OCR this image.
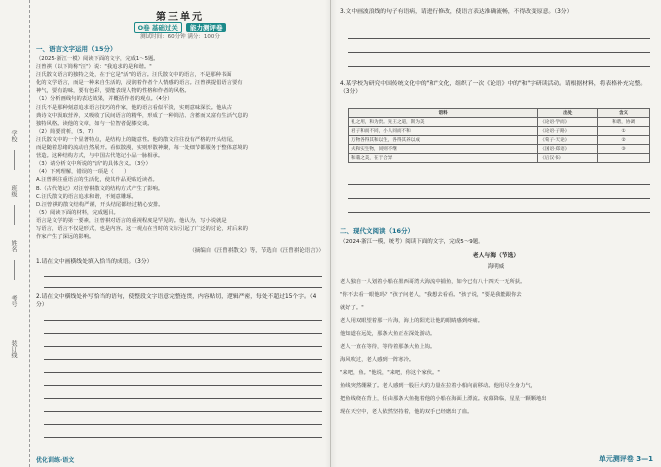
学校
班级
姓名
考号
装订线
第三单元
O卷 基础过关 能力测评卷
测试时间：60分钟 满分：100分
一、语言文字运用（15分）
（2025·浙江一模）阅读下面的文字，完成1～5题。
汪曾祺（以下简称"汪"）说："我追求的是和谐。"
汪氏散文语言的独特之处，在于它是"活"的语言。汪氏散文中的语言，不是那种书面
化的文学语言，而是一种来自生活的，浸润着作者个人情感的语言。汪曾祺提倡语言要有
神气，要有韵味，要有色彩，要能表现人物的性格和作者的风格。
（1）分析画线句的表达效果，并概括作者的观点。（4分）
汪氏不是那种刻意追求语言技巧的作家，他的语言看似平淡，实则意味深长。他从古
典诗文中汲取营养，又吸收了民间语言的精华，形成了一种简洁、含蓄而又富有生活气息的
独特风格。读他的文章，如与一位智者促膝交谈。
（2）简要赏析，（5、7）
汪氏散文中的一个显著特点，是结构上的随意性。他的散文往往没有严格的开头结尾，
而是随着思绪的流动自然展开。看似散漫，实则形散神聚，每一处细节都服务于整体意境的
营造。这种结构方式，与中国古代笔记小品一脉相承。
（3）请分析文中所说的"活"的具体含义。（3分）
（4）下列理解，错误的一项是（　　）
A.汪曾祺注重语言的生活化，使其作品更贴近读者。
B.（古代笔记）对汪曾祺散文的结构方式产生了影响。
C.汪氏散文的语言追求和谐，不刻意雕琢。
D.汪曾祺的散文结构严谨，开头结尾都经过精心安排。
（5）阅读下面的材料，完成题目。
语言是文学的第一要素，汪曾祺对语言的重视程度是罕见的。他认为，写小说就是
写语言，语言不仅是形式，也是内容。这一观点在当时的文坛引起了广泛的讨论，对后来的
作家产生了深远的影响。
（摘编自《汪曾祺散文》等，节选自《汪曾祺论语言》）
1.请在文中画横线处填入恰当的成语。（3分）
2.请在文中横线处补写恰当的语句，使整段文字语意完整连贯，内容贴切，逻辑严密，每处不超过15个字。（4分）
优化训练·语文
3.文中画波浪线的句子有语病，请进行修改，使语言表达准确流畅，不得改变原意。（3分）
4.某学校为研究中国传统文化中的"和"文化，组织了一次《论语》中的"和"字研读活动。请根据材料，将表格补充完整。（3分）
语料	出处	含义
礼之用，和为贵。先王之道，斯为美	《论语·学而》	和谐，协调
君子和而不同，小人同而不和	《论语·子路》	①
万物各得其和以生，各得其养以成	《荀子·天论》	②
夫和实生物，同则不继	《国语·郑语》	③
和羹之美，在于合异	《后汉书》	
二、现代文阅读（16分）
（2024·浙江一模，统考）阅读下面的文字，完成5～9题。
老人与海（节选）
海明威
老人独自一人划着小船在墨西哥湾大海流中捕鱼，如今已有八十四天一无所获。
"你不去看一眼他吗？"孩子问老人，"我想去看看。"孩子说，"要是我能跟你去
就好了。"
老人用双眼望着那一片海，海上的阳光让他的眼睛感到疼痛。
他知道在远处，那条大鱼正在深处游动。
老人一直在等待，等待着那条大鱼上钩。
海风吹过，老人感到一阵寒冷。
"来吧，鱼。"他说，"来吧，你这个家伙。"
鱼线突然绷紧了。老人感到一股巨大的力量在拉着小船向前移动。他用尽全身力气，
把鱼线绕在背上，任由那条大鱼拖着他的小船在海面上漂流。夜幕降临，星星一颗颗地出
现在天空中，老人依然坚持着，他的双手已经磨出了血。
单元测评卷 3—1
